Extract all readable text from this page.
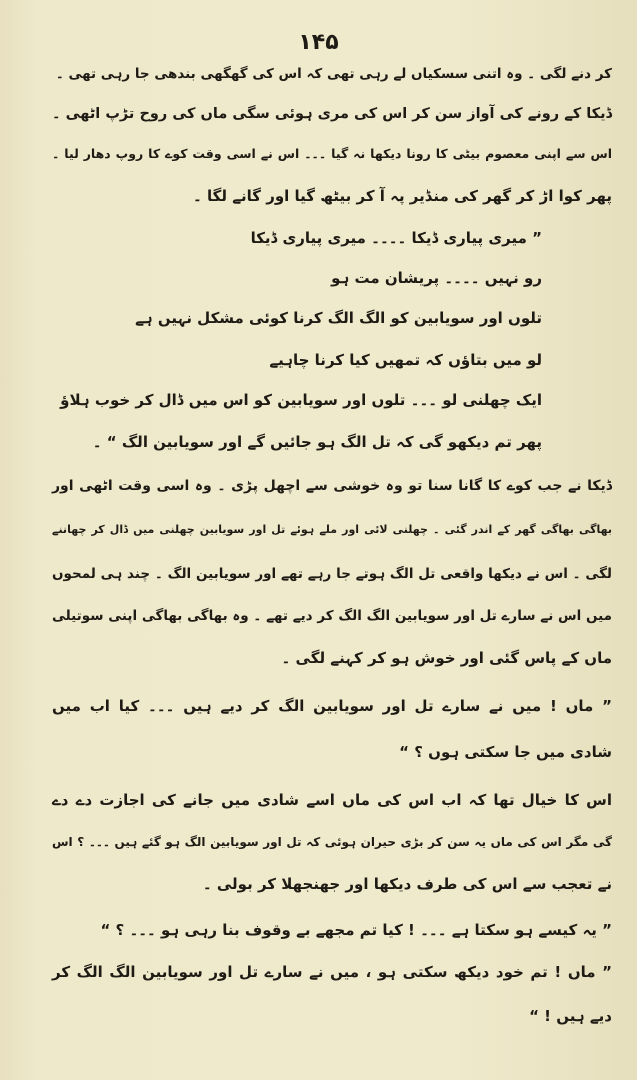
۱۴۵
کر دنے لگی ۔ وہ اتنی سسکیاں لے رہی تھی کہ اس کی گھگھی بندھی جا رہی تھی ۔
ڈیکا کے رونے کی آواز سن کر اس کی مری ہوئی سگی ماں کی روح تڑپ اٹھی ۔
اس سے اپنی معصوم بیٹی کا رونا دیکھا نہ گیا ۔۔۔ اس نے اسی وقت کوے کا روپ دھار لیا ۔
پھر کوا اڑ کر گھر کی منڈیر پہ آ کر بیٹھ گیا اور گانے لگا ۔
” میری پیاری ڈیکا ۔۔۔۔ میری پیاری ڈیکا
رو نہیں ۔۔۔۔ پریشان مت ہو
تلوں اور سویابین کو الگ الگ کرنا کوئی مشکل نہیں ہے
لو میں بتاؤں کہ تمھیں کیا کرنا چاہیے
ایک چھلنی لو ۔۔۔ تلوں اور سویابین کو اس میں ڈال کر خوب ہلاؤ
پھر تم دیکھو گی کہ تل الگ ہو جائیں گے اور سویابین الگ “ ۔
ڈیکا نے جب کوے کا گانا سنا تو وہ خوشی سے اچھل پڑی ۔ وہ اسی وقت اٹھی اور
بھاگی بھاگی گھر کے اندر گئی ۔ چھلنی لائی اور ملے ہوئے تل اور سویابین چھلنی میں ڈال کر چھاننے
لگی ۔ اس نے دیکھا واقعی تل الگ ہوتے جا رہے تھے اور سویابین الگ ۔ چند ہی لمحوں
میں اس نے سارے تل اور سویابین الگ الگ کر دیے تھے ۔ وہ بھاگی بھاگی اپنی سوتیلی
ماں کے پاس گئی اور خوش ہو کر کہنے لگی ۔
” ماں ! میں نے سارے تل اور سویابین الگ کر دیے ہیں ۔۔۔ کیا اب میں
شادی میں جا سکتی ہوں ؟ “
اس کا خیال تھا کہ اب اس کی ماں اسے شادی میں جانے کی اجازت دے دے
گی مگر اس کی ماں یہ سن کر بڑی حیران ہوئی کہ تل اور سویابین الگ ہو گئے ہیں ۔۔۔ ؟ اس
نے تعجب سے اس کی طرف دیکھا اور جھنجھلا کر بولی ۔
” یہ کیسے ہو سکتا ہے ۔۔۔ ! کیا تم مجھے بے وقوف بنا رہی ہو ۔۔۔ ؟ “
” ماں ! تم خود دیکھ سکتی ہو ، میں نے سارے تل اور سویابین الگ الگ کر
دیے ہیں ! “
